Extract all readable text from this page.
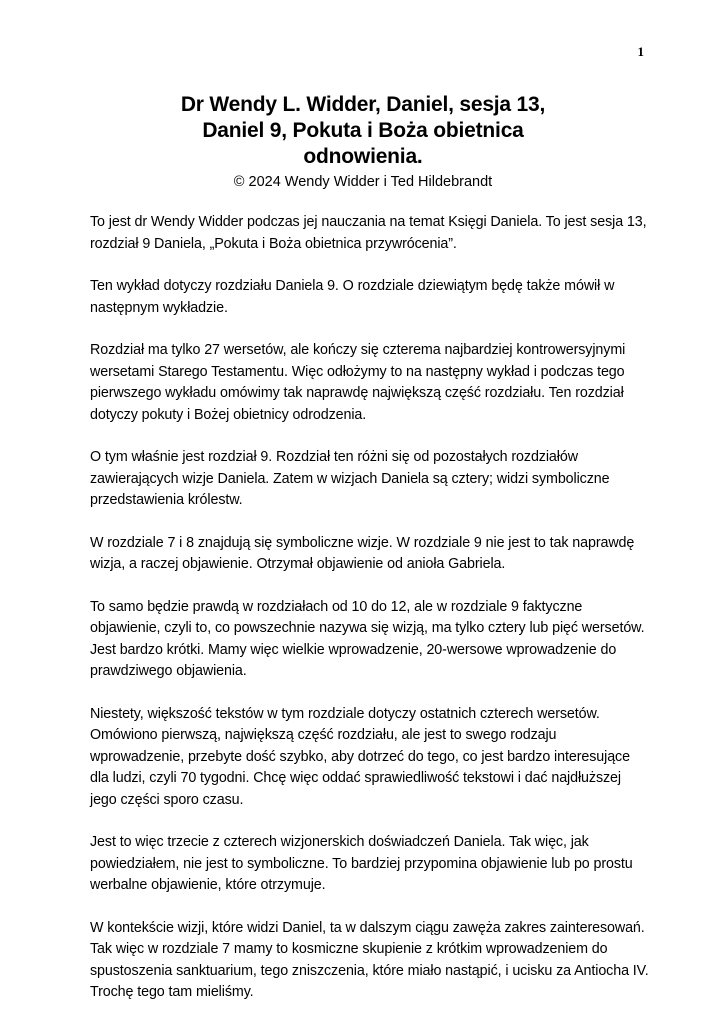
1
Dr Wendy L. Widder, Daniel, sesja 13,
Daniel 9, Pokuta i Boża obietnica
odnowienia.
© 2024 Wendy Widder i Ted Hildebrandt

To jest dr Wendy Widder podczas jej nauczania na temat Księgi Daniela. To jest sesja 13, rozdział 9 Daniela, „Pokuta i Boża obietnica przywrócenia”.

Ten wykład dotyczy rozdziału Daniela 9. O rozdziale dziewiątym będę także mówił w następnym wykładzie.

Rozdział ma tylko 27 wersetów, ale kończy się czterema najbardziej kontrowersyjnymi wersetami Starego Testamentu. Więc odłożymy to na następny wykład i podczas tego pierwszego wykładu omówimy tak naprawdę największą część rozdziału. Ten rozdział dotyczy pokuty i Bożej obietnicy odrodzenia.

O tym właśnie jest rozdział 9. Rozdział ten różni się od pozostałych rozdziałów zawierających wizje Daniela. Zatem w wizjach Daniela są cztery; widzi symboliczne przedstawienia królestw.

W rozdziale 7 i 8 znajdują się symboliczne wizje. W rozdziale 9 nie jest to tak naprawdę wizja, a raczej objawienie. Otrzymał objawienie od anioła Gabriela.

To samo będzie prawdą w rozdziałach od 10 do 12, ale w rozdziale 9 faktyczne objawienie, czyli to, co powszechnie nazywa się wizją, ma tylko cztery lub pięć wersetów. Jest bardzo krótki. Mamy więc wielkie wprowadzenie, 20-wersowe wprowadzenie do prawdziwego objawienia.

Niestety, większość tekstów w tym rozdziale dotyczy ostatnich czterech wersetów. Omówiono pierwszą, największą część rozdziału, ale jest to swego rodzaju wprowadzenie, przebyte dość szybko, aby dotrzeć do tego, co jest bardzo interesujące dla ludzi, czyli 70 tygodni. Chcę więc oddać sprawiedliwość tekstowi i dać najdłuższej jego części sporo czasu.

Jest to więc trzecie z czterech wizjonerskich doświadczeń Daniela. Tak więc, jak powiedziałem, nie jest to symboliczne. To bardziej przypomina objawienie lub po prostu werbalne objawienie, które otrzymuje.

W kontekście wizji, które widzi Daniel, ta w dalszym ciągu zawęża zakres zainteresowań. Tak więc w rozdziale 7 mamy to kosmiczne skupienie z krótkim wprowadzeniem do spustoszenia sanktuarium, tego zniszczenia, które miało nastąpić, i ucisku za Antiocha IV. Trochę tego tam mieliśmy.
